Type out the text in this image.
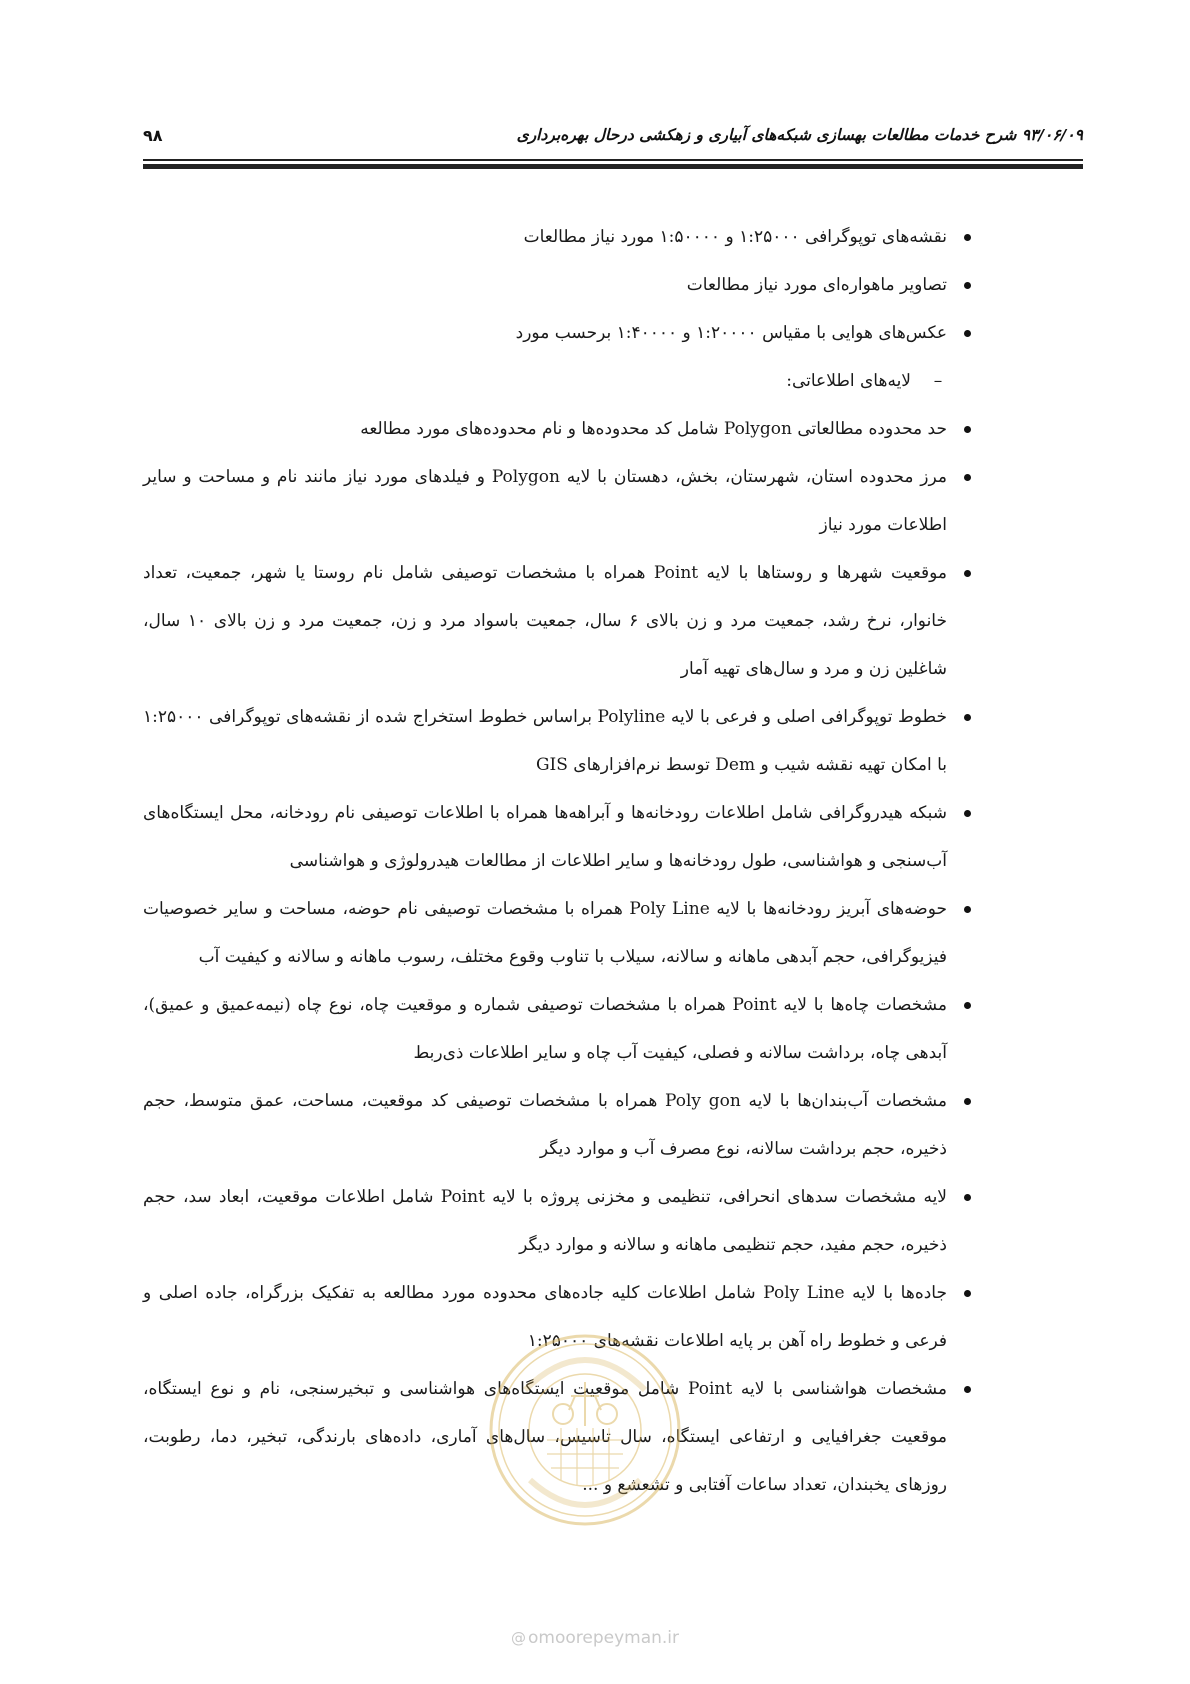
۹۳/۰۶/۰۹ شرح خدمات مطالعات بهسازی شبکه‌های آبیاری و زهکشی درحال بهره‌برداری
۹۸

نقشه‌های توپوگرافی ۱:۲۵۰۰۰ و ۱:۵۰۰۰۰ مورد نیاز مطالعات

تصاویر ماهواره‌ای مورد نیاز مطالعات

عکس‌های هوایی با مقیاس ۱:۲۰۰۰۰ و ۱:۴۰۰۰۰ برحسب مورد

–
لایه‌های اطلاعاتی:

حد محدوده مطالعاتی Polygon شامل کد محدوده‌ها و نام محدوده‌های مورد مطالعه

مرز محدوده استان، شهرستان، بخش، دهستان با لایه Polygon و فیلدهای مورد نیاز مانند نام و مساحت و سایر اطلاعات مورد نیاز

موقعیت شهرها و روستاها با لایه Point همراه با مشخصات توصیفی شامل نام روستا یا شهر، جمعیت، تعداد خانوار، نرخ رشد، جمعیت مرد و زن بالای ۶ سال، جمعیت باسواد مرد و زن، جمعیت مرد و زن بالای ۱۰ سال، شاغلین زن و مرد و سال‌های تهیه آمار

خطوط توپوگرافی اصلی و فرعی با لایه Polyline براساس خطوط استخراج شده از نقشه‌های توپوگرافی ۱:۲۵۰۰۰ با امکان تهیه نقشه شیب و Dem توسط نرم‌افزارهای GIS

شبکه هیدروگرافی شامل اطلاعات رودخانه‌ها و آبراهه‌ها همراه با اطلاعات توصیفی نام رودخانه، محل ایستگاه‌های آب‌سنجی و هواشناسی، طول رودخانه‌ها و سایر اطلاعات از مطالعات هیدرولوژی و هواشناسی

حوضه‌های آبریز رودخانه‌ها با لایه Poly Line همراه با مشخصات توصیفی نام حوضه، مساحت و سایر خصوصیات فیزیوگرافی، حجم آبدهی ماهانه و سالانه، سیلاب با تناوب وقوع مختلف، رسوب ماهانه و سالانه و کیفیت آب

مشخصات چاه‌ها با لایه Point همراه با مشخصات توصیفی شماره و موقعیت چاه، نوع چاه (نیمه‌عمیق و عمیق)، آبدهی چاه، برداشت سالانه و فصلی، کیفیت آب چاه و سایر اطلاعات ذی‌ربط

مشخصات آب‌بندان‌ها با لایه Poly gon همراه با مشخصات توصیفی کد موقعیت، مساحت، عمق متوسط، حجم ذخیره، حجم برداشت سالانه، نوع مصرف آب و موارد دیگر

لایه مشخصات سدهای انحرافی، تنظیمی و مخزنی پروژه با لایه Point شامل اطلاعات موقعیت، ابعاد سد، حجم ذخیره، حجم مفید، حجم تنظیمی ماهانه و سالانه و موارد دیگر

جاده‌ها با لایه Poly Line شامل اطلاعات کلیه جاده‌های محدوده مورد مطالعه به تفکیک بزرگراه، جاده اصلی و فرعی و خطوط راه آهن بر پایه اطلاعات نقشه‌های ۱:۲۵۰۰۰

مشخصات هواشناسی با لایه Point شامل موقعیت ایستگاه‌های هواشناسی و تبخیرسنجی، نام و نوع ایستگاه، موقعیت جغرافیایی و ارتفاعی ایستگاه، سال تاسیس، سال‌های آماری، داده‌های بارندگی، تبخیر، دما، رطوبت، روزهای یخبندان، تعداد ساعات آفتابی و تشعشع و ...

@ omoorepeyman.ir
